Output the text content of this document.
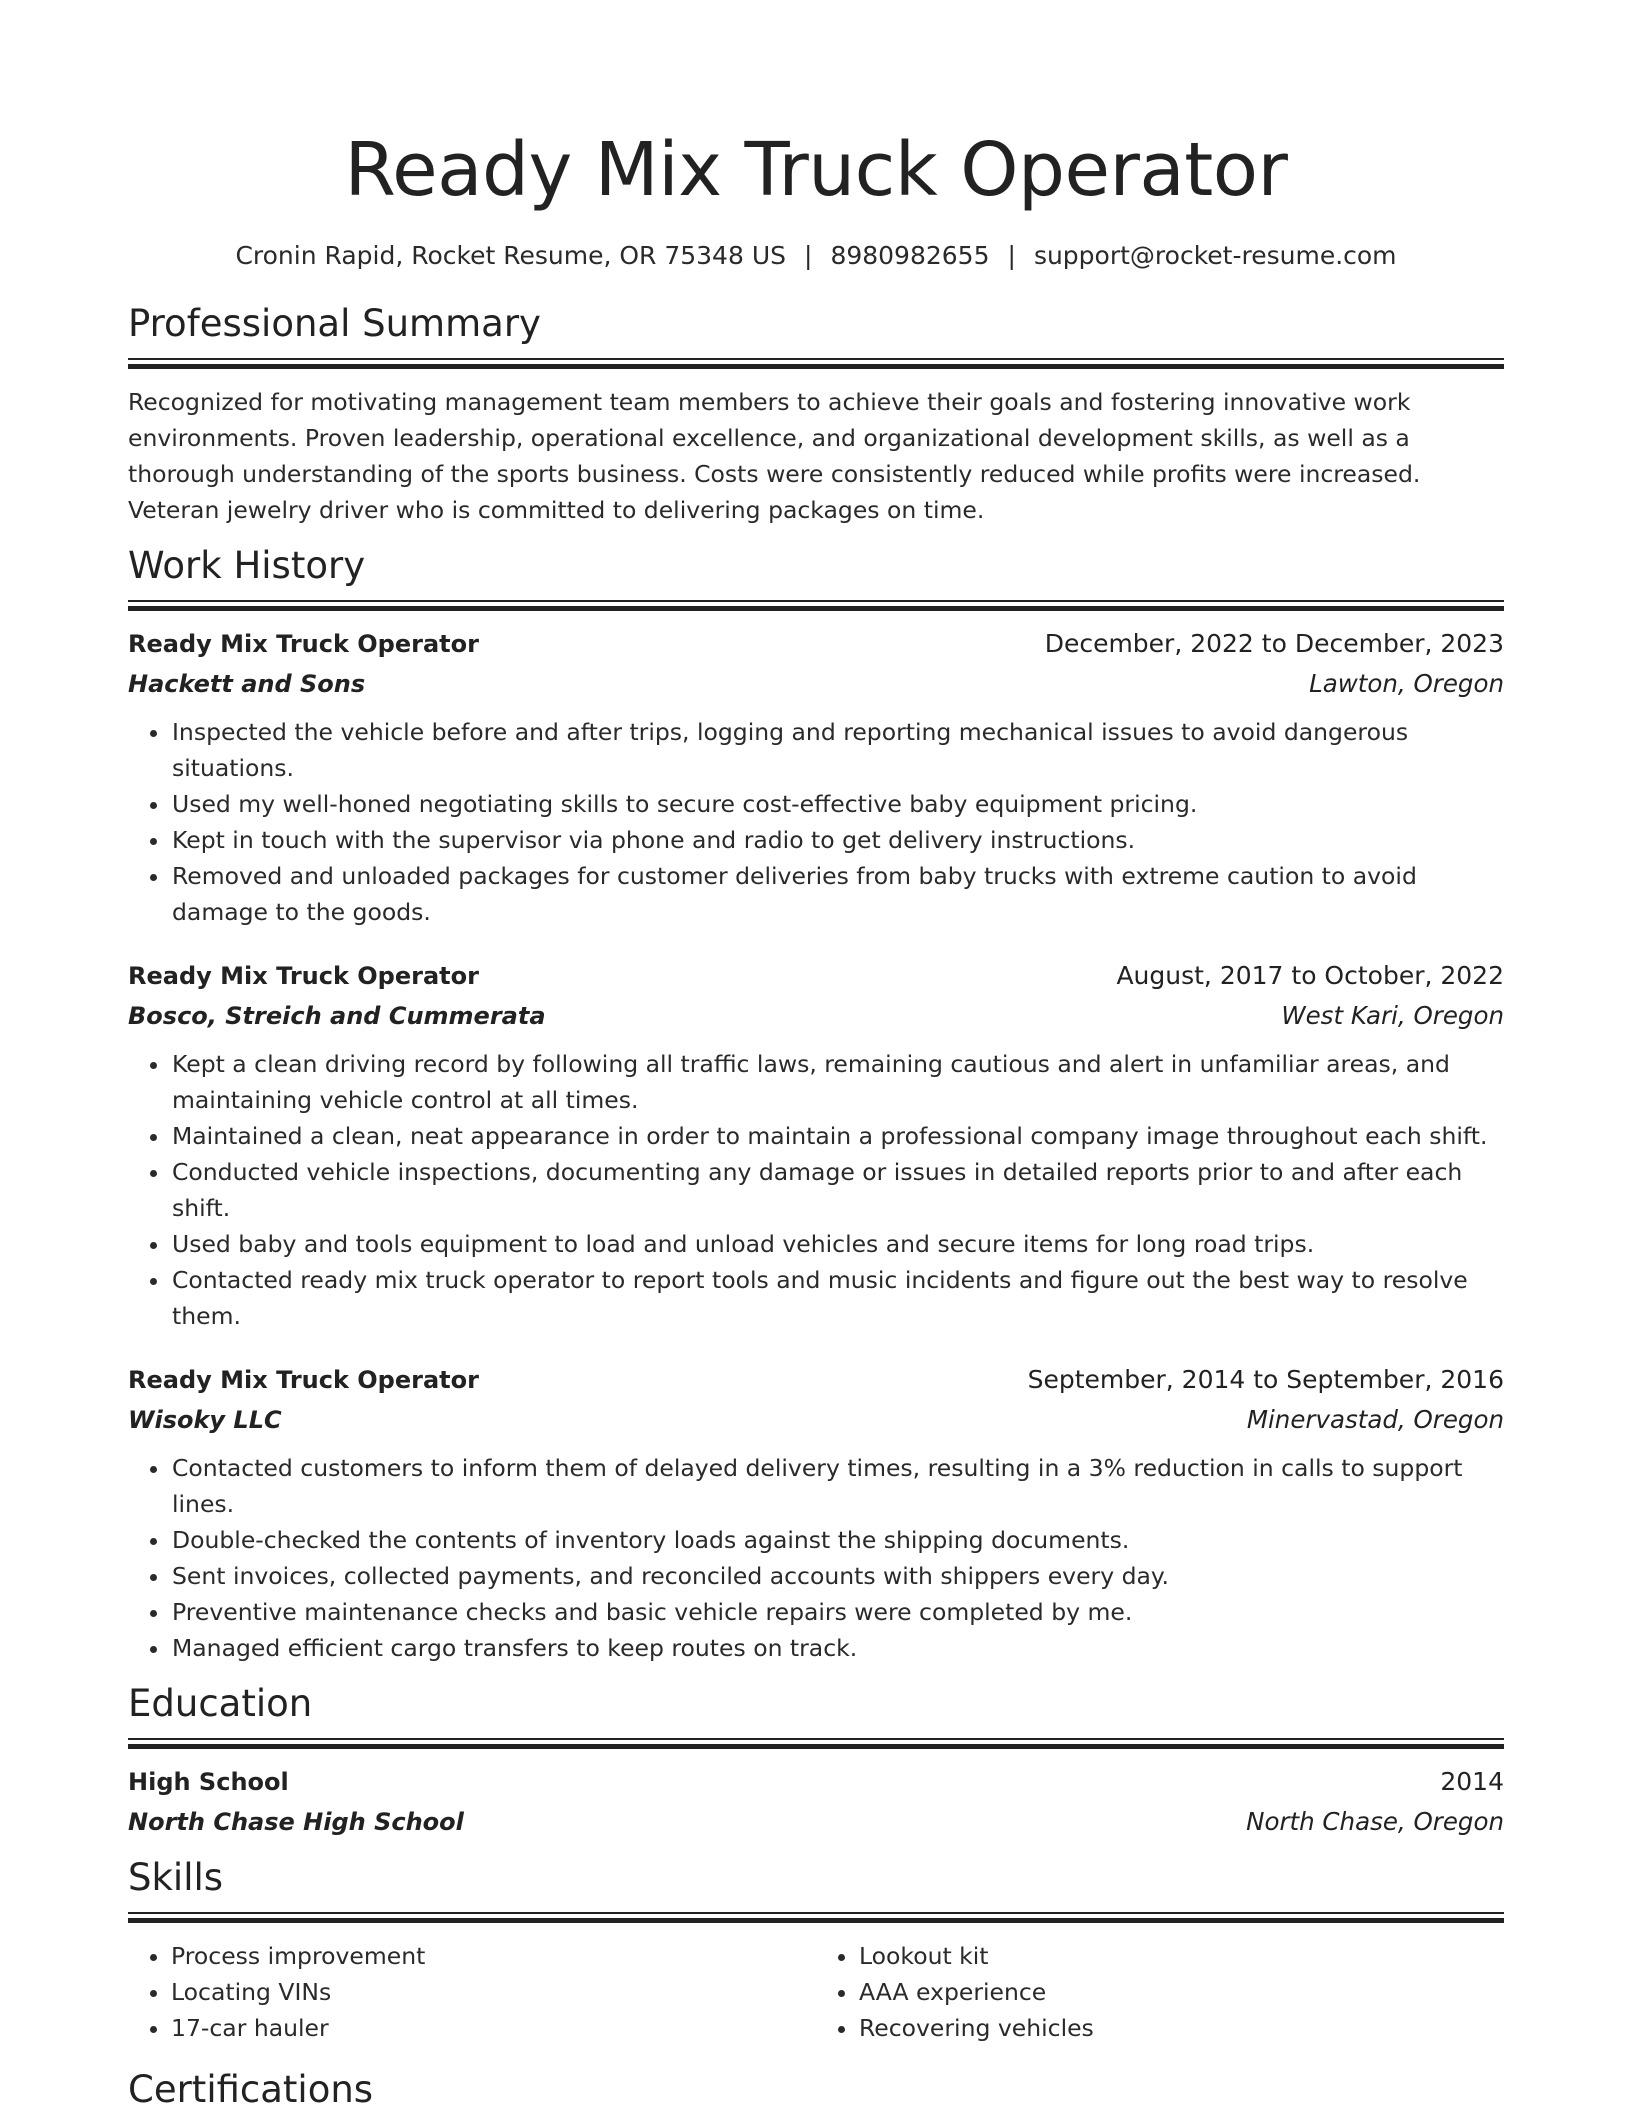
Ready Mix Truck Operator
Cronin Rapid, Rocket Resume, OR 75348 US | 8980982655 | support@rocket-resume.com
Professional Summary
Recognized for motivating management team members to achieve their goals and fostering innovative work environments. Proven leadership, operational excellence, and organizational development skills, as well as a thorough understanding of the sports business. Costs were consistently reduced while profits were increased. Veteran jewelry driver who is committed to delivering packages on time.
Work History
Ready Mix Truck Operator	December, 2022 to December, 2023
Hackett and Sons	Lawton, Oregon
• Inspected the vehicle before and after trips, logging and reporting mechanical issues to avoid dangerous situations.
• Used my well-honed negotiating skills to secure cost-effective baby equipment pricing.
• Kept in touch with the supervisor via phone and radio to get delivery instructions.
• Removed and unloaded packages for customer deliveries from baby trucks with extreme caution to avoid damage to the goods.
Ready Mix Truck Operator	August, 2017 to October, 2022
Bosco, Streich and Cummerata	West Kari, Oregon
• Kept a clean driving record by following all traffic laws, remaining cautious and alert in unfamiliar areas, and maintaining vehicle control at all times.
• Maintained a clean, neat appearance in order to maintain a professional company image throughout each shift.
• Conducted vehicle inspections, documenting any damage or issues in detailed reports prior to and after each shift.
• Used baby and tools equipment to load and unload vehicles and secure items for long road trips.
• Contacted ready mix truck operator to report tools and music incidents and figure out the best way to resolve them.
Ready Mix Truck Operator	September, 2014 to September, 2016
Wisoky LLC	Minervastad, Oregon
• Contacted customers to inform them of delayed delivery times, resulting in a 3% reduction in calls to support lines.
• Double-checked the contents of inventory loads against the shipping documents.
• Sent invoices, collected payments, and reconciled accounts with shippers every day.
• Preventive maintenance checks and basic vehicle repairs were completed by me.
• Managed efficient cargo transfers to keep routes on track.
Education
High School	2014
North Chase High School	North Chase, Oregon
Skills
• Process improvement
• Locating VINs
• 17-car hauler
• Lookout kit
• AAA experience
• Recovering vehicles
Certifications
